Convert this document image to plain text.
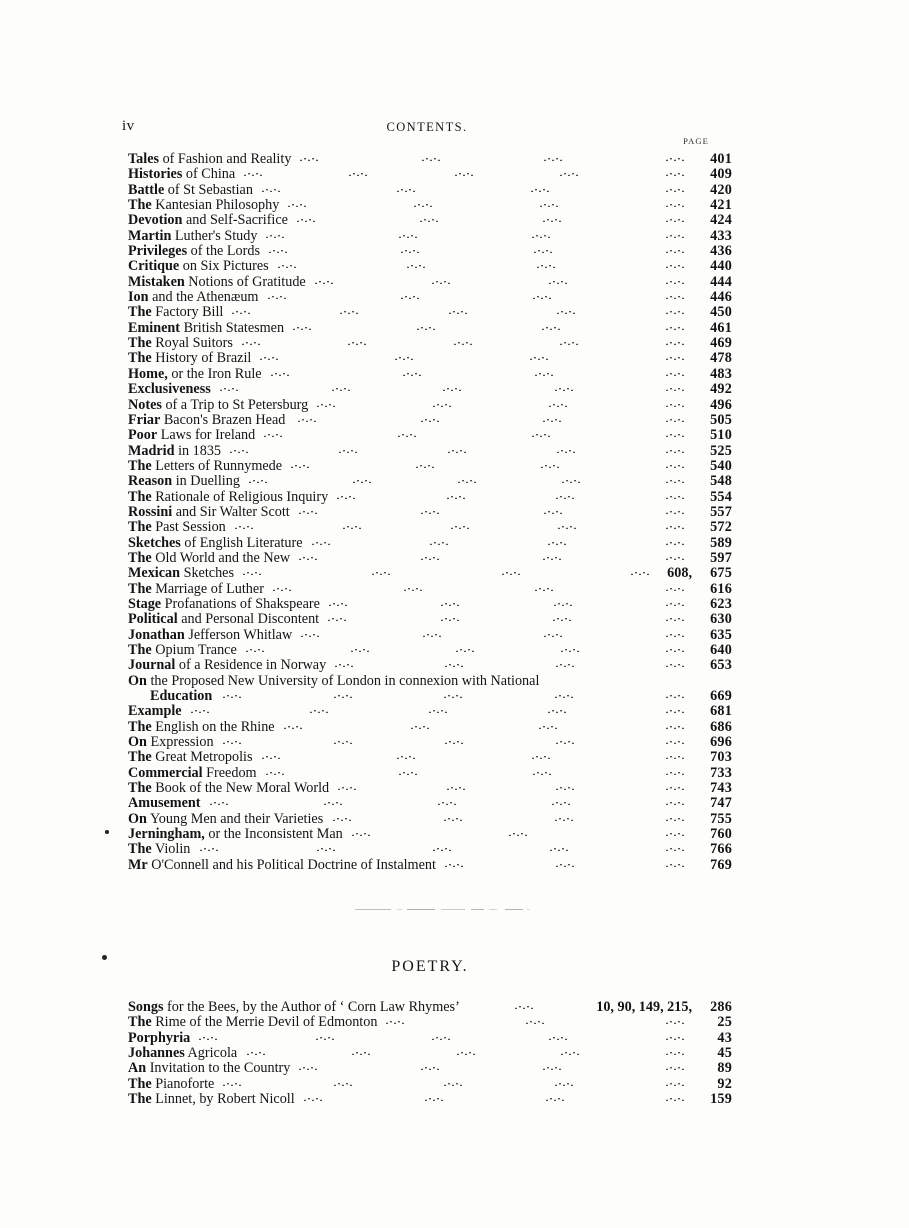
iv	CONTENTS.
PAGE
Tales of Fashion and Reality	401
Histories of China	409
Battle of St Sebastian	420
The Kantesian Philosophy	421
Devotion and Self-Sacrifice	424
Martin Luther's Study	433
Privileges of the Lords	436
Critique on Six Pictures	440
Mistaken Notions of Gratitude	444
Ion and the Athenæum	446
The Factory Bill	450
Eminent British Statesmen	461
The Royal Suitors	469
The History of Brazil	478
Home, or the Iron Rule	483
Exclusiveness	492
Notes of a Trip to St Petersburg	496
Friar Bacon's Brazen Head	505
Poor Laws for Ireland	510
Madrid in 1835	525
The Letters of Runnymede	540
Reason in Duelling	548
The Rationale of Religious Inquiry	554
Rossini and Sir Walter Scott	557
The Past Session	572
Sketches of English Literature	589
The Old World and the New	597
Mexican Sketches	608, 675
The Marriage of Luther	616
Stage Profanations of Shakspeare	623
Political and Personal Discontent	630
Jonathan Jefferson Whitlaw	635
The Opium Trance	640
Journal of a Residence in Norway	653
On the Proposed New University of London in connexion with National
Education	669
Example	681
The English on the Rhine	686
On Expression	696
The Great Metropolis	703
Commercial Freedom	733
The Book of the New Moral World	743
Amusement	747
On Young Men and their Varieties	755
Jerningham, or the Inconsistent Man	760
The Violin	766
Mr O'Connell and his Political Doctrine of Instalment	769
POETRY.
Songs for the Bees, by the Author of ‘ Corn Law Rhymes’	10, 90, 149, 215, 286
The Rime of the Merrie Devil of Edmonton	25
Porphyria	43
Johannes Agricola	45
An Invitation to the Country	89
The Pianoforte	92
The Linnet, by Robert Nicoll	159
